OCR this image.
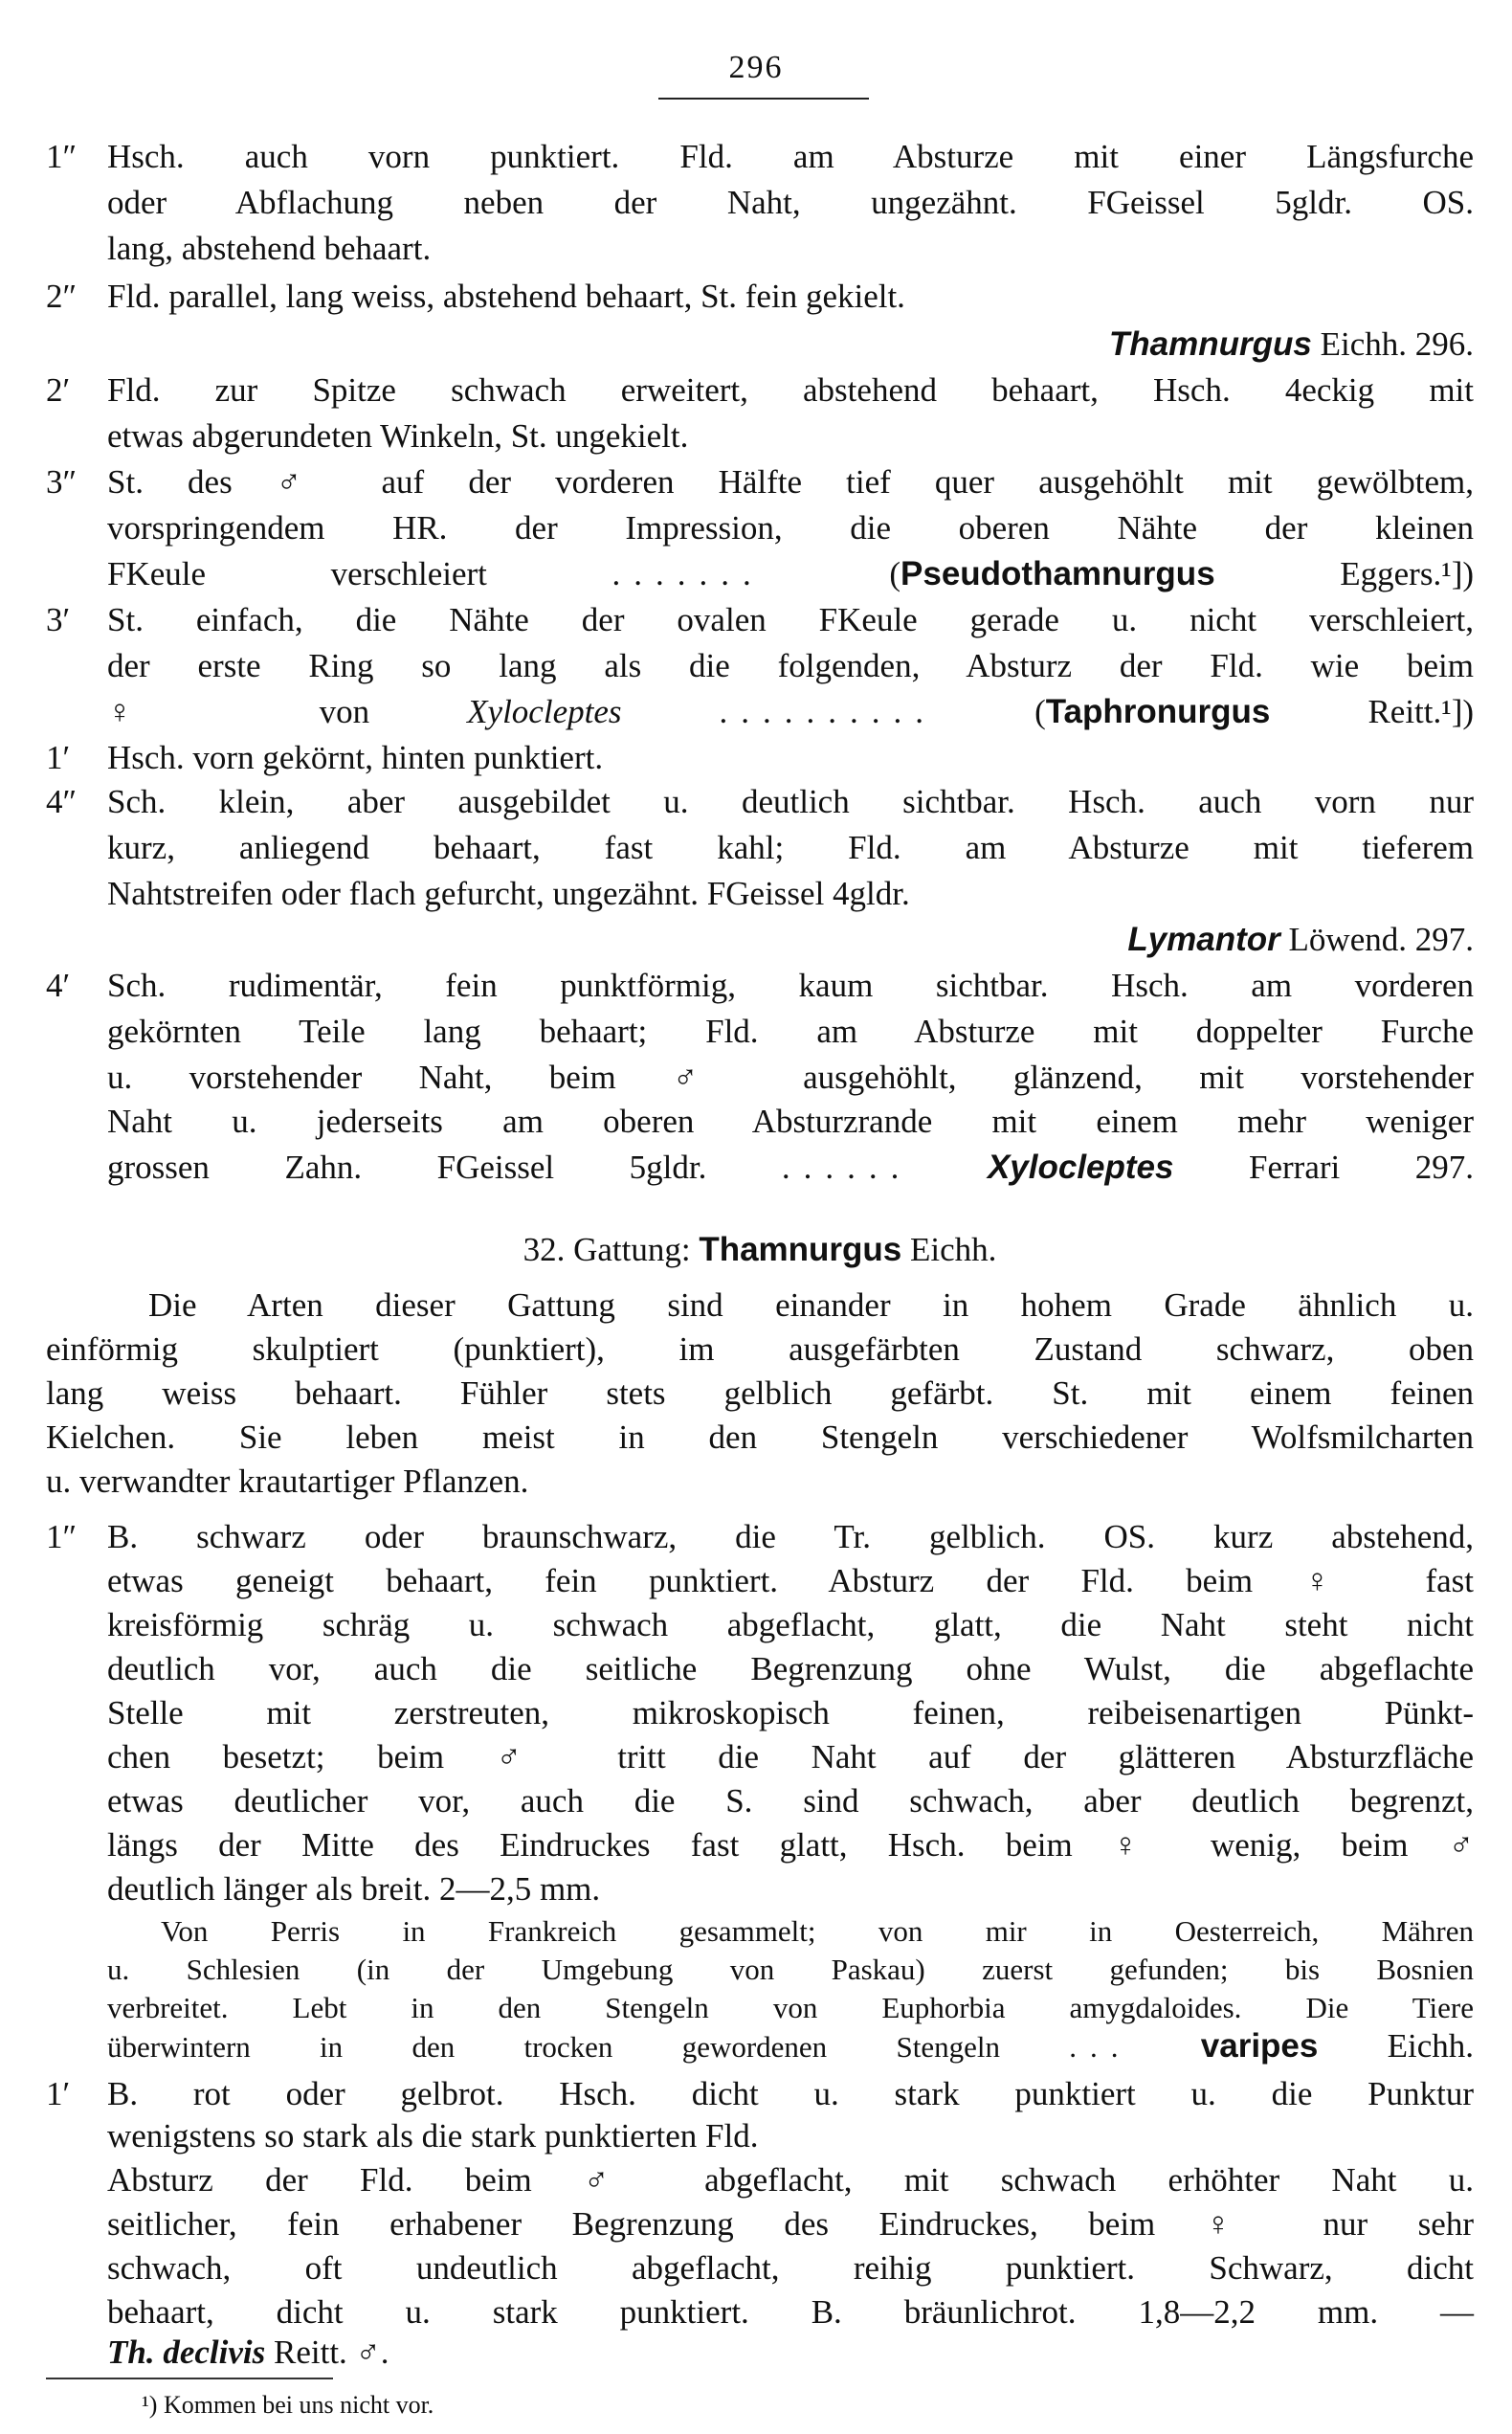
296
1″ Hsch. auch vorn punktiert. Fld. am Absturze mit einer Längsfurche
oder Abflachung neben der Naht, ungezähnt. FGeissel 5gldr. OS.
lang, abstehend behaart.
2″ Fld. parallel, lang weiss, abstehend behaart, St. fein gekielt.
Thamnurgus Eichh. 296.
2′ Fld. zur Spitze schwach erweitert, abstehend behaart, Hsch. 4eckig mit
etwas abgerundeten Winkeln, St. ungekielt.
3″ St. des ♂ auf der vorderen Hälfte tief quer ausgehöhlt mit gewölbtem,
vorspringendem HR. der Impression, die oberen Nähte der kleinen
FKeule verschleiert	.......	(Pseudothamnurgus	Eggers.¹])
3′ St. einfach, die Nähte der ovalen FKeule gerade u. nicht verschleiert,
der erste Ring so lang als die folgenden, Absturz der Fld. wie beim
♀ von	Xylocleptes	..........	(Taphronurgus	Reitt.¹])
1′ Hsch. vorn gekörnt, hinten punktiert.
4″ Sch. klein, aber ausgebildet u. deutlich sichtbar. Hsch. auch vorn nur
kurz, anliegend behaart, fast kahl; Fld. am Absturze mit tieferem
Nahtstreifen oder flach gefurcht, ungezähnt. FGeissel 4gldr.
Lymantor Löwend. 297.
4′ Sch. rudimentär, fein punktförmig, kaum sichtbar. Hsch. am vorderen
gekörnten Teile lang behaart; Fld. am Absturze mit doppelter Furche
u. vorstehender Naht, beim ♂ ausgehöhlt, glänzend, mit vorstehender
Naht u. jederseits am oberen Absturzrande mit einem mehr weniger
grossen Zahn. FGeissel 5gldr. ...... Xylocleptes Ferrari 297.
32. Gattung: Thamnurgus Eichh.
Die Arten dieser Gattung sind einander in hohem Grade ähnlich u.
einförmig skulptiert (punktiert), im ausgefärbten Zustand schwarz, oben
lang weiss behaart. Fühler stets gelblich gefärbt. St. mit einem feinen
Kielchen. Sie leben meist in den Stengeln verschiedener Wolfsmilcharten
u. verwandter krautartiger Pflanzen.
1″ B. schwarz oder braunschwarz, die Tr. gelblich. OS. kurz abstehend,
etwas geneigt behaart, fein punktiert. Absturz der Fld. beim ♀ fast
kreisförmig schräg u. schwach abgeflacht, glatt, die Naht steht nicht
deutlich vor, auch die seitliche Begrenzung ohne Wulst, die abgeflachte
Stelle mit zerstreuten, mikroskopisch feinen, reibeisenartigen Pünkt-
chen besetzt; beim ♂ tritt die Naht auf der glätteren Absturzfläche
etwas deutlicher vor, auch die S. sind schwach, aber deutlich begrenzt,
längs der Mitte des Eindruckes fast glatt, Hsch. beim ♀ wenig, beim ♂
deutlich länger als breit. 2—2,5 mm.
Von Perris in Frankreich gesammelt; von mir in Oesterreich, Mähren
u. Schlesien (in der Umgebung von Paskau) zuerst gefunden; bis Bosnien
verbreitet. Lebt in den Stengeln von Euphorbia amygdaloides. Die Tiere
überwintern in den trocken gewordenen Stengeln ... varipes Eichh.
1′ B. rot oder gelbrot. Hsch. dicht u. stark punktiert u. die Punktur
wenigstens so stark als die stark punktierten Fld.
Absturz der Fld. beim ♂ abgeflacht, mit schwach erhöhter Naht u.
seitlicher, fein erhabener Begrenzung des Eindruckes, beim ♀ nur sehr
schwach, oft undeutlich abgeflacht, reihig punktiert. Schwarz, dicht
behaart, dicht u. stark punktiert. B. bräunlichrot. 1,8—2,2 mm. —
Th. declivis Reitt. ♂.
¹) Kommen bei uns nicht vor.
